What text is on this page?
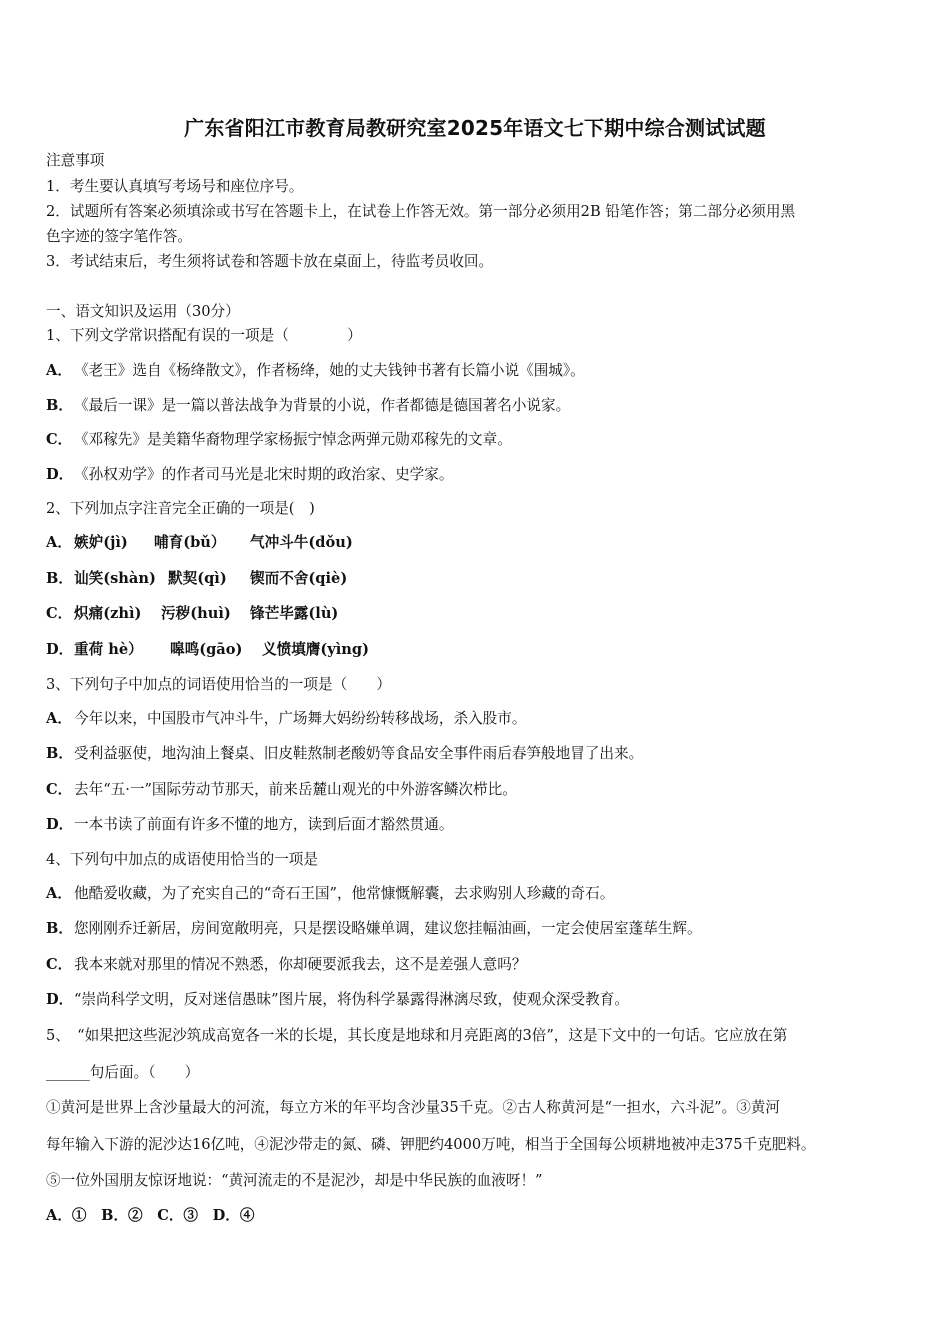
广东省阳江市教育局教研究室2025年语文七下期中综合测试试题
注意事项
1．考生要认真填写考场号和座位序号。
2．试题所有答案必须填涂或书写在答题卡上，在试卷上作答无效。第一部分必须用2B 铅笔作答；第二部分必须用黑
色字迹的签字笔作答。
3．考试结束后，考生须将试卷和答题卡放在桌面上，待监考员收回。
一、语文知识及运用（30分）
1、下列文学常识搭配有误的一项是（　　　　）
A． 《老王》选自《杨绛散文》，作者杨绛，她的丈夫钱钟书著有长篇小说《围城》。
B．《最后一课》是一篇以普法战争为背景的小说，作者都德是德国著名小说家。
C． 《邓稼先》是美籍华裔物理学家杨振宁悼念两弹元勋邓稼先的文章。
D．《孙权劝学》的作者司马光是北宋时期的政治家、史学家。
2、下列加点字注音完全正确的一项是(　)
A． 嫉妒(jì) 哺育(bǔ） 气冲斗牛(dǒu)
B．讪笑(shàn) 默契(qì) 锲而不舍(qiè)
C． 炽痛(zhì) 污秽(huì) 锋芒毕露(lù)
D．重荷 hè） 嗥鸣(gāo) 义愤填膺(yìng)
3、下列句子中加点的词语使用恰当的一项是（　　）
A． 今年以来，中国股市气冲斗牛，广场舞大妈纷纷转移战场，杀入股市。
B．受利益驱使，地沟油上餐桌、旧皮鞋熬制老酸奶等食品安全事件雨后春笋般地冒了出来。
C． 去年“五·一”国际劳动节那天，前来岳麓山观光的中外游客鳞次栉比。
D．一本书读了前面有许多不懂的地方，读到后面才豁然贯通。
4、下列句中加点的成语使用恰当的一项是
A． 他酷爱收藏，为了充实自己的“奇石王国”，他常慷慨解囊，去求购别人珍藏的奇石。
B．您刚刚乔迁新居，房间宽敞明亮，只是摆设略嫌单调，建议您挂幅油画，一定会使居室蓬荜生辉。
C． 我本来就对那里的情况不熟悉，你却硬要派我去，这不是差强人意吗？
D．“崇尚科学文明，反对迷信愚昧”图片展，将伪科学暴露得淋漓尽致，使观众深受教育。
5、　“如果把这些泥沙筑成高宽各一米的长堤，其长度是地球和月亮距离的3倍”，这是下文中的一句话。它应放在第
______句后面。（　　）
①黄河是世界上含沙量最大的河流，每立方米的年平均含沙量35千克。②古人称黄河是“一担水，六斗泥”。③黄河
每年输入下游的泥沙达16亿吨，④泥沙带走的氮、磷、钾肥约4000万吨，相当于全国每公顷耕地被冲走375千克肥料。
⑤一位外国朋友惊讶地说：“黄河流走的不是泥沙，却是中华民族的血液呀！”
A．①　B．②　C．③　D．④
